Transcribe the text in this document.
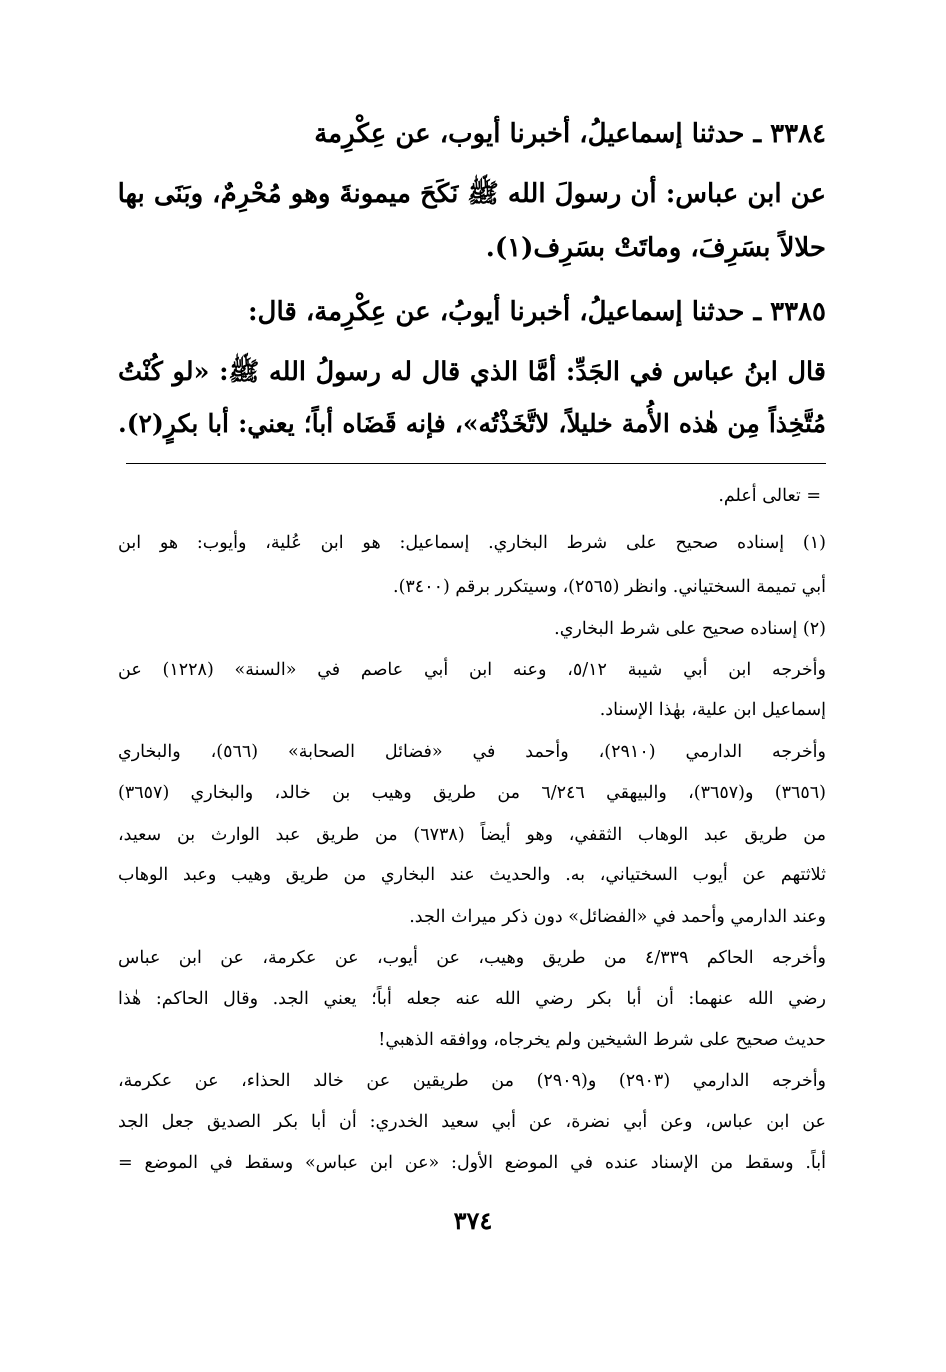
٣٣٨٤ ـ حدثنا إسماعيلُ، أخبرنا أيوب، عن عِكْرِمة
عن ابن عباس: أن رسولَ الله ﷺ نَكَحَ ميمونةَ وهو مُحْرِمٌ، وبَنَى بها
حلالاً بسَرِفَ، وماتَتْ بسَرِف(١).
٣٣٨٥ ـ حدثنا إسماعيلُ، أخبرنا أيوبُ، عن عِكْرِمة، قال:
قال ابنُ عباس في الجَدِّ: أمَّا الذي قال له رسولُ الله ﷺ: «لو كُنْتُ
مُتَّخِذاً مِن هٰذه الأُمة خليلاً، لاتَّخَذْتُه»، فإنه قَضَاه أباً؛ يعني: أبا بكرٍ(٢).
= تعالى أعلم.
(١) إسناده صحيح على شرط البخاري. إسماعيل: هو ابن عُلية، وأيوب: هو ابن
أبي تميمة السختياني. وانظر (٢٥٦٥)، وسيتكرر برقم (٣٤٠٠).
(٢) إسناده صحيح على شرط البخاري.
وأخرجه ابن أبي شيبة ٥/١٢، وعنه ابن أبي عاصم في «السنة» (١٢٢٨) عن
إسماعيل ابن علية، بهٰذا الإسناد.
وأخرجه الدارمي (٢٩١٠)، وأحمد في «فضائل الصحابة» (٥٦٦)، والبخاري
(٣٦٥٦) و(٣٦٥٧)، والبيهقي ٦/٢٤٦ من طريق وهيب بن خالد، والبخاري (٣٦٥٧)
من طريق عبد الوهاب الثقفي، وهو أيضاً (٦٧٣٨) من طريق عبد الوارث بن سعيد،
ثلاثتهم عن أيوب السختياني، به. والحديث عند البخاري من طريق وهيب وعبد الوهاب
وعند الدارمي وأحمد في «الفضائل» دون ذكر ميراث الجد.
وأخرجه الحاكم ٤/٣٣٩ من طريق وهيب، عن أيوب، عن عكرمة، عن ابن عباس
رضي الله عنهما: أن أبا بكر رضي الله عنه جعله أباً؛ يعني الجد. وقال الحاكم: هٰذا
حديث صحيح على شرط الشيخين ولم يخرجاه، ووافقه الذهبي!
وأخرجه الدارمي (٢٩٠٣) و(٢٩٠٩) من طريقين عن خالد الحذاء، عن عكرمة،
عن ابن عباس، وعن أبي نضرة، عن أبي سعيد الخدري: أن أبا بكر الصديق جعل الجد
أباً. وسقط من الإسناد عنده في الموضع الأول: «عن ابن عباس» وسقط في الموضع =
٣٧٤
